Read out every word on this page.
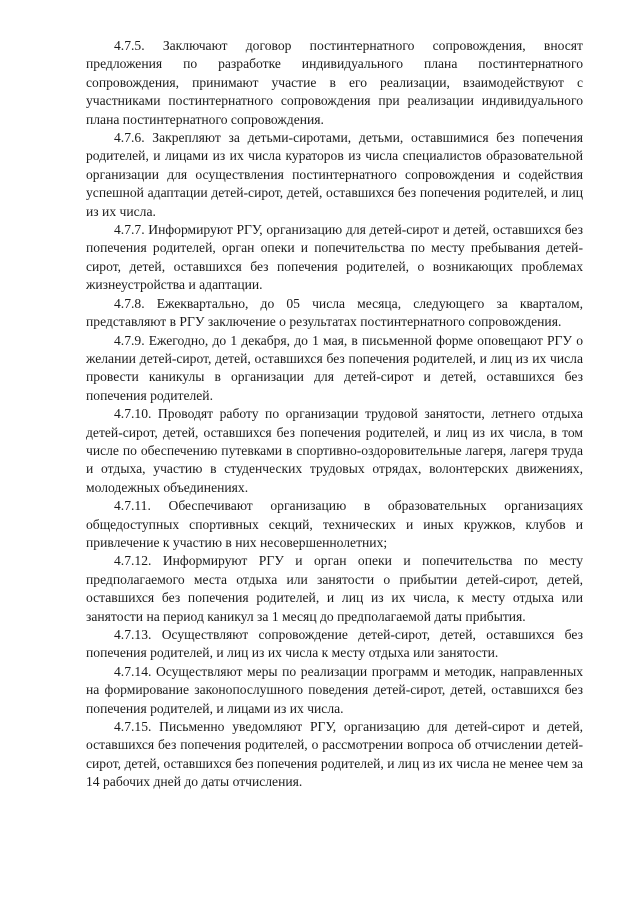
4.7.5. Заключают договор постинтернатного сопровождения, вносят предложения по разработке индивидуального плана постинтернатного сопровождения, принимают участие в его реализации, взаимодействуют с участниками постинтернатного сопровождения при реализации индивидуального плана постинтернатного сопровождения.

4.7.6. Закрепляют за детьми-сиротами, детьми, оставшимися без попечения родителей, и лицами из их числа кураторов из числа специалистов образовательной организации для осуществления постинтернатного сопровождения и содействия успешной адаптации детей-сирот, детей, оставшихся без попечения родителей, и лиц из их числа.

4.7.7. Информируют РГУ, организацию для детей-сирот и детей, оставшихся без попечения родителей, орган опеки и попечительства по месту пребывания детей-сирот, детей, оставшихся без попечения родителей, о возникающих проблемах жизнеустройства и адаптации.

4.7.8. Ежеквартально, до 05 числа месяца, следующего за кварталом, представляют в РГУ заключение о результатах постинтернатного сопровождения.

4.7.9. Ежегодно, до 1 декабря, до 1 мая, в письменной форме оповещают РГУ о желании детей-сирот, детей, оставшихся без попечения родителей, и лиц из их числа провести каникулы в организации для детей-сирот и детей, оставшихся без попечения родителей.

4.7.10. Проводят работу по организации трудовой занятости, летнего отдыха детей-сирот, детей, оставшихся без попечения родителей, и лиц из их числа, в том числе по обеспечению путевками в спортивно-оздоровительные лагеря, лагеря труда и отдыха, участию в студенческих трудовых отрядах, волонтерских движениях, молодежных объединениях.

4.7.11. Обеспечивают организацию в образовательных организациях общедоступных спортивных секций, технических и иных кружков, клубов и привлечение к участию в них несовершеннолетних;

4.7.12. Информируют РГУ и орган опеки и попечительства по месту предполагаемого места отдыха или занятости о прибытии детей-сирот, детей, оставшихся без попечения родителей, и лиц из их числа, к месту отдыха или занятости на период каникул за 1 месяц до предполагаемой даты прибытия.

4.7.13. Осуществляют сопровождение детей-сирот, детей, оставшихся без попечения родителей, и лиц из их числа к месту отдыха или занятости.

4.7.14. Осуществляют меры по реализации программ и методик, направленных на формирование законопослушного поведения детей-сирот, детей, оставшихся без попечения родителей, и лицами из их числа.

4.7.15. Письменно уведомляют РГУ, организацию для детей-сирот и детей, оставшихся без попечения родителей, о рассмотрении вопроса об отчислении детей-сирот, детей, оставшихся без попечения родителей, и лиц из их числа не менее чем за 14 рабочих дней до даты отчисления.
